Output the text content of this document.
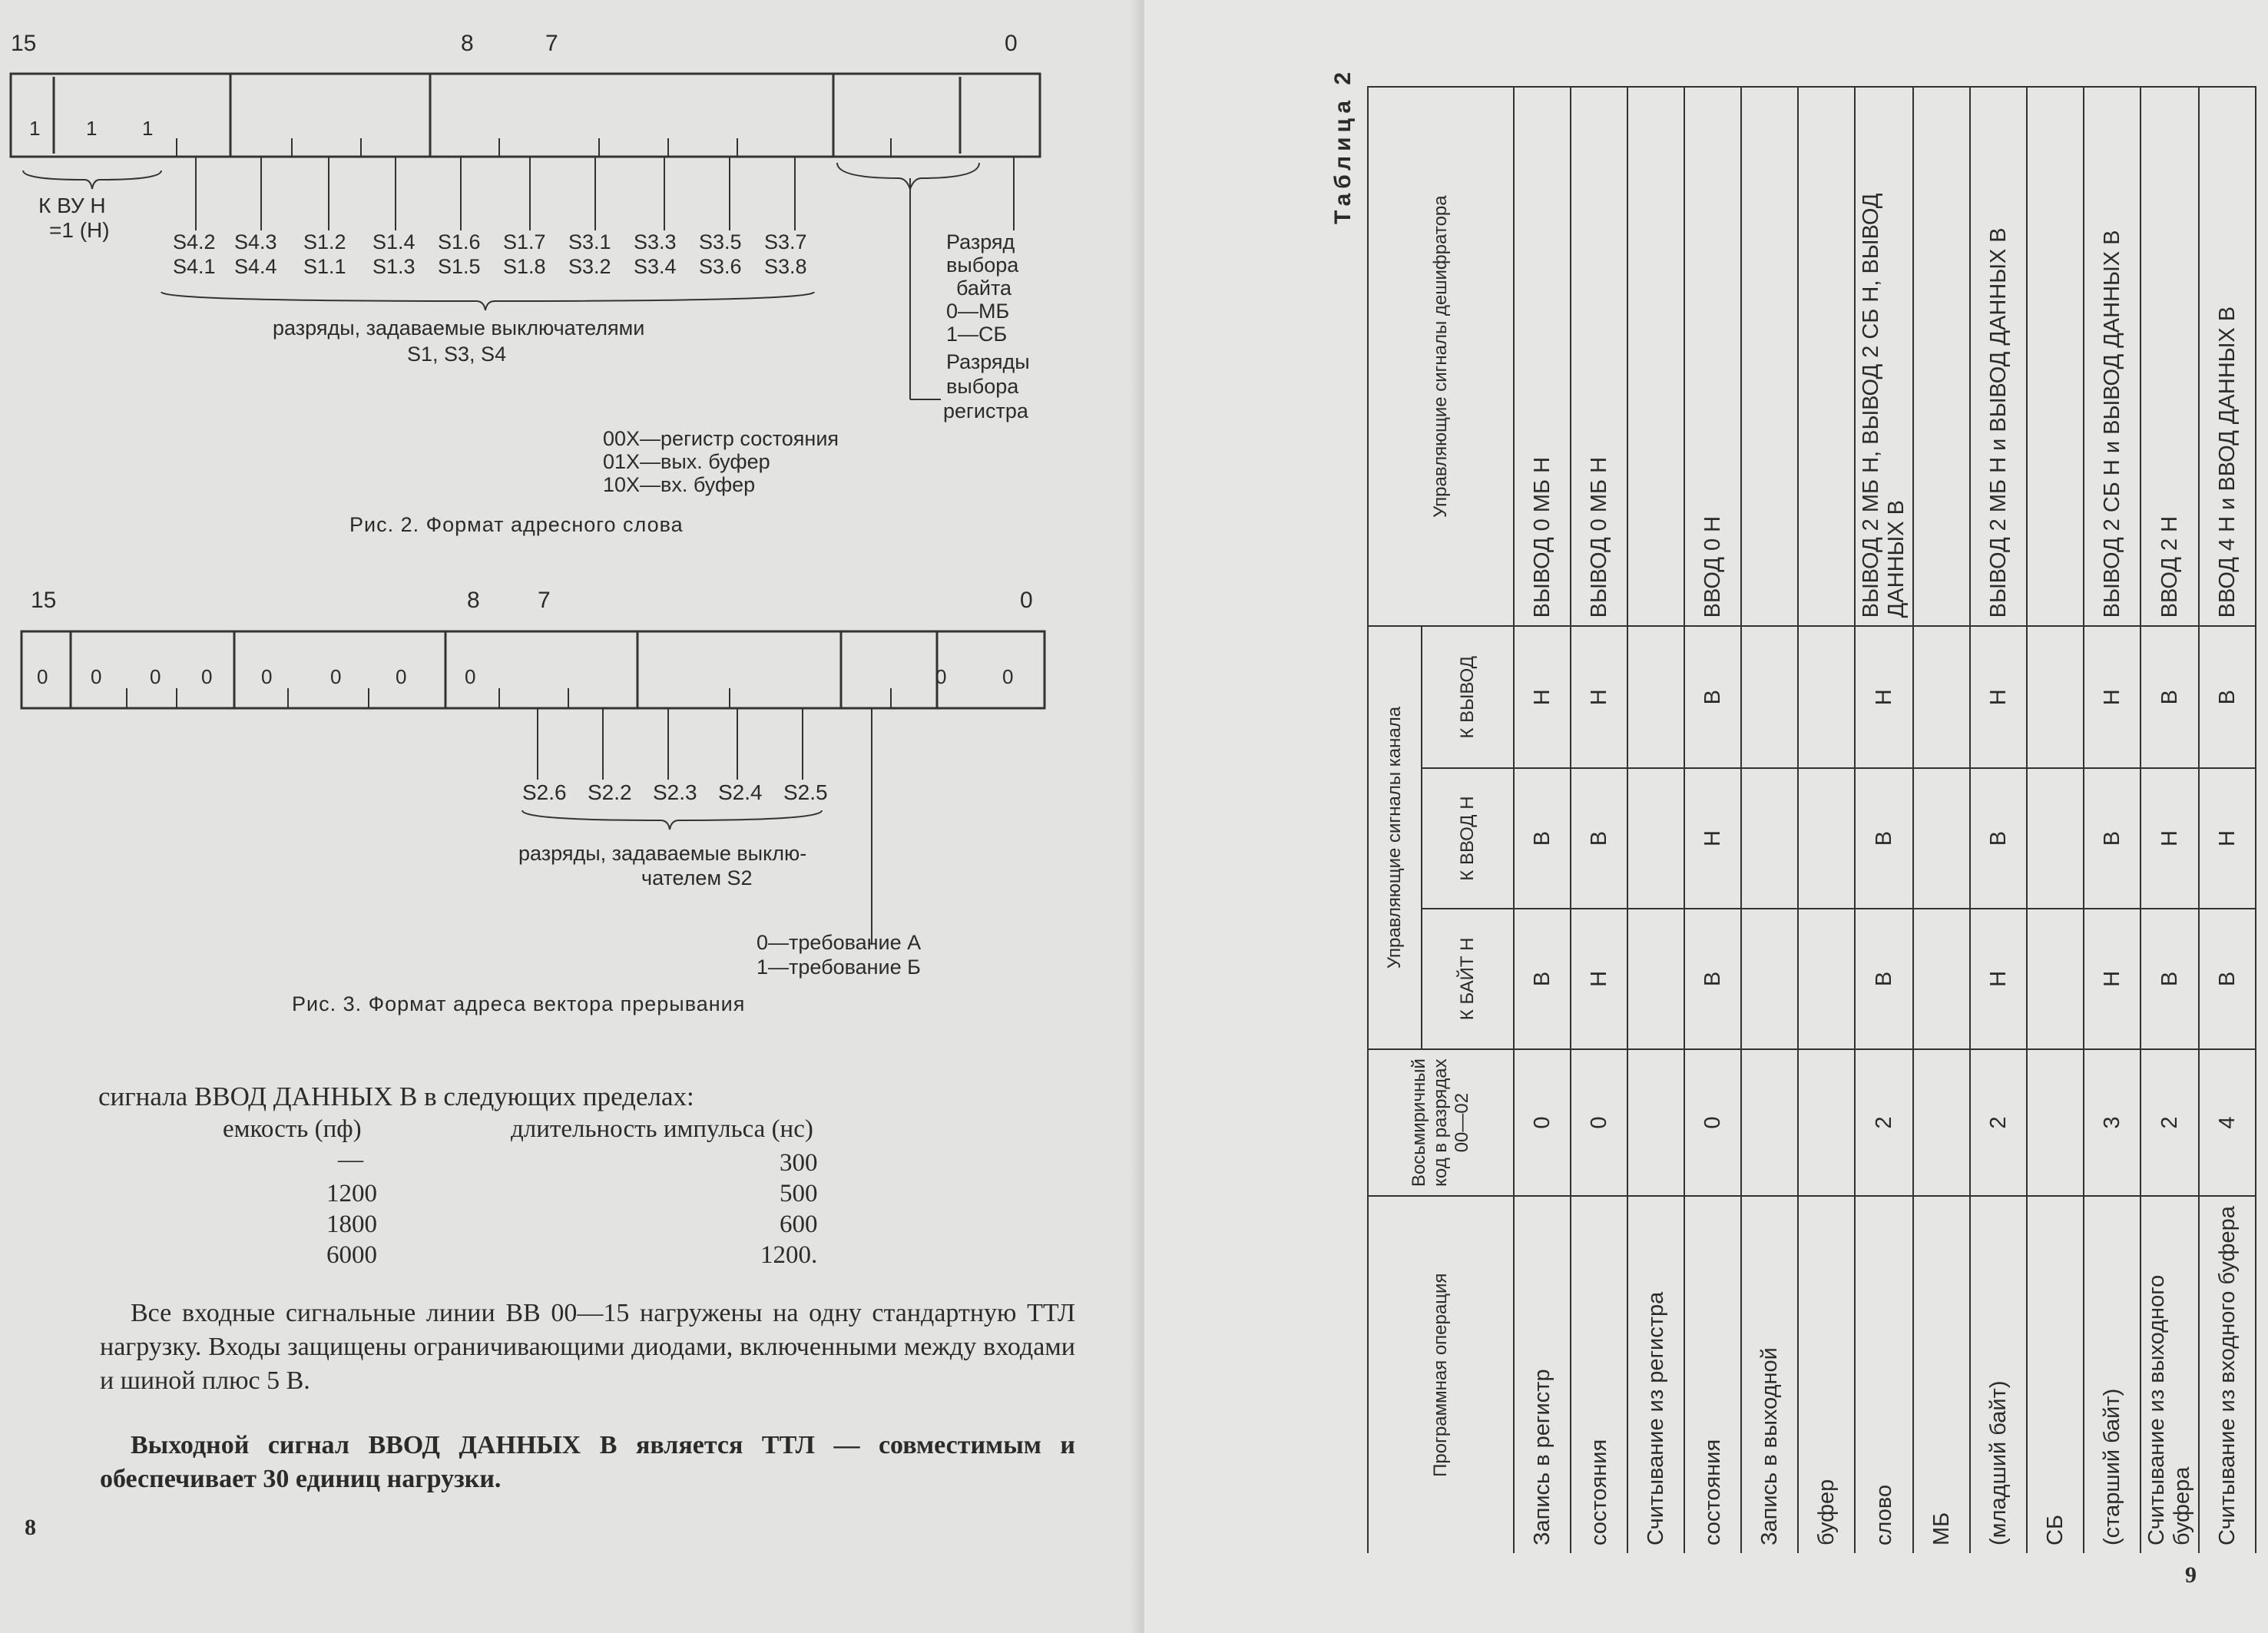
15	8	7	0
1 1 1
К ВУ Н
=1 (Н)	S4.2 S4.3 S1.2 S1.4 S1.6 S1.7 S3.1 S3.3 S3.5 S3.7
S4.1 S4.4 S1.1 S1.3 S1.5 S1.8 S3.2 S3.4 S3.6 S3.8
разряды, задаваемые выключателями
S1, S3, S4
Разряд
выбора
байта
0—МБ
1—СБ
Разряды
выбора
регистра
00Х—регистр состояния
01Х—вых. буфер
10Х—вх. буфер
Рис. 2. Формат адресного слова
15	8	7	0
0 0 0 0 0	0	0	0	0	0
S2.6 S2.2 S2.3 S2.4 S2.5
разряды, задаваемые выклю-
чателем S2
0—требование А
1—требование Б
Рис. 3. Формат адреса вектора прерывания
сигнала ВВОД ДАННЫХ В в следующих пределах:
емкость (пф)	длительность импульса (нс)
—	300
1200	500
1800	600
6000	1200.
Все входные сигнальные линии ВВ 00—15 нагружены на одну стандартную ТТЛ нагрузку. Входы защищены ограничивающими диодами, включенными между входами и шиной плюс 5 В.
Выходной сигнал ВВОД ДАННЫХ В является ТТЛ — совместимым и обеспечивает 30 единиц нагрузки.
8
9
Таблица 2
Программная операция	Восьмиричный код в разрядах 00—02	Управляющие сигналы канала			Управляющие сигналы дешифратора
		К БАЙТ Н	К ВВОД Н	К ВЫВОД	
Запись в регистр	0	В	В	Н	ВЫВОД 0 МБ Н
состояния	0	Н	В	Н	ВЫВОД 0 МБ Н
Считывание из регистра					
состояния	0	В	Н	В	ВВОД 0 Н
Запись в выходной					
буфер					
слово	2	В	В	Н	ВЫВОД 2 МБ Н, ВЫВОД 2 СБ Н, ВЫВОД ДАННЫХ В
МБ					
(младший байт)	2	Н	В	Н	ВЫВОД 2 МБ Н и ВЫВОД ДАННЫХ В
СБ					
(старший байт)	3	Н	В	Н	ВЫВОД 2 СБ Н и ВЫВОД ДАННЫХ В
Считывание из выходного буфера	2	В	Н	В	ВВОД 2 Н
Считывание из входного буфера	4	В	Н	В	ВВОД 4 Н и ВВОД ДАННЫХ В
